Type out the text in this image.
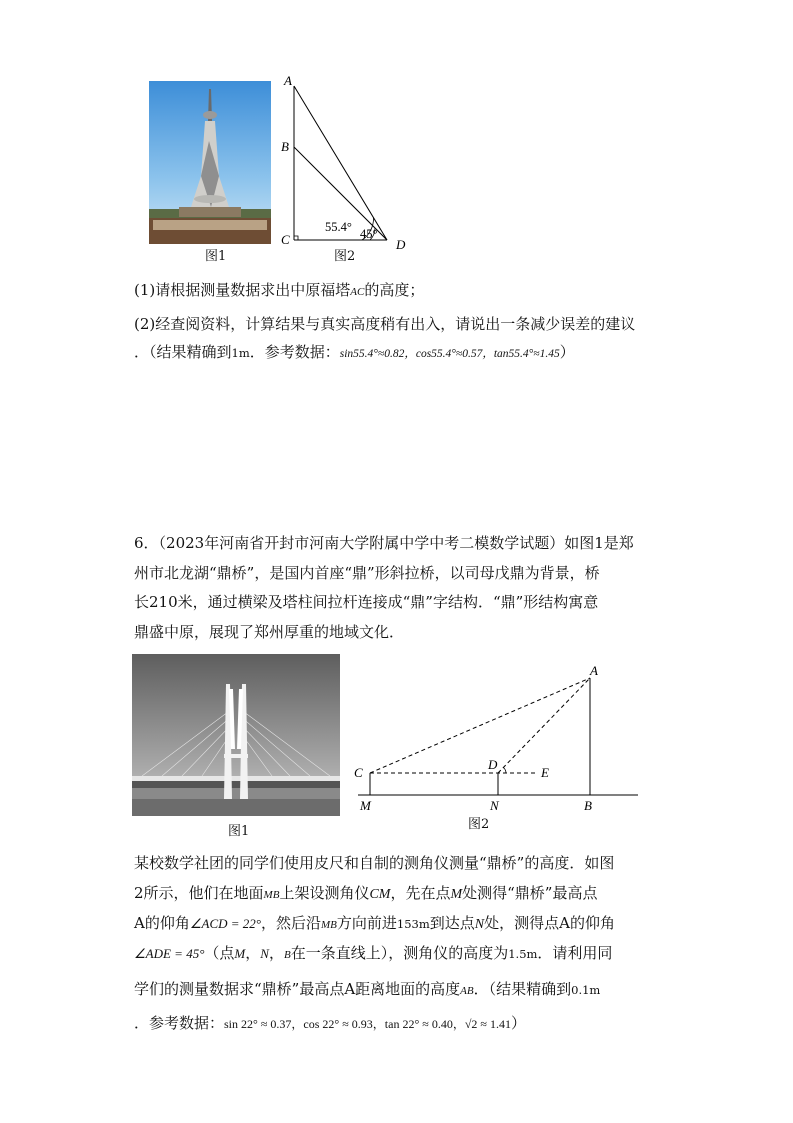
A
B
C	D
55.4° 45°
图1	图2
(1)请根据测量数据求出中原福塔AC的高度；
(2)经查阅资料，计算结果与真实高度稍有出入，请说出一条减少误差的建议
．（结果精确到1m．参考数据：sin55.4°≈0.82，cos55.4°≈0.57，tan55.4°≈1.45）
6．（2023年河南省开封市河南大学附属中学中考二模数学试题）如图1是郑
州市北龙湖“鼎桥”，是国内首座“鼎”形斜拉桥，以司母戊鼎为背景，桥
长210米，通过横梁及塔柱间拉杆连接成“鼎”字结构．“鼎”形结构寓意
鼎盛中原，展现了郑州厚重的地域文化．
图1
A
C
D
E
M	N	B
图2
某校数学社团的同学们使用皮尺和自制的测角仪测量“鼎桥”的高度．如图
2所示，他们在地面MB上架设测角仪CM，先在点M处测得“鼎桥”最高点
A的仰角∠ACD = 22°，然后沿MB方向前进153m到达点N处，测得点A的仰角
∠ADE = 45°（点M，N，B在一条直线上），测角仪的高度为1.5m．请利用同
学们的测量数据求“鼎桥”最高点A距离地面的高度AB．（结果精确到0.1m
．参考数据：sin 22° ≈ 0.37，cos 22° ≈ 0.93，tan 22° ≈ 0.40，√2 ≈ 1.41）
